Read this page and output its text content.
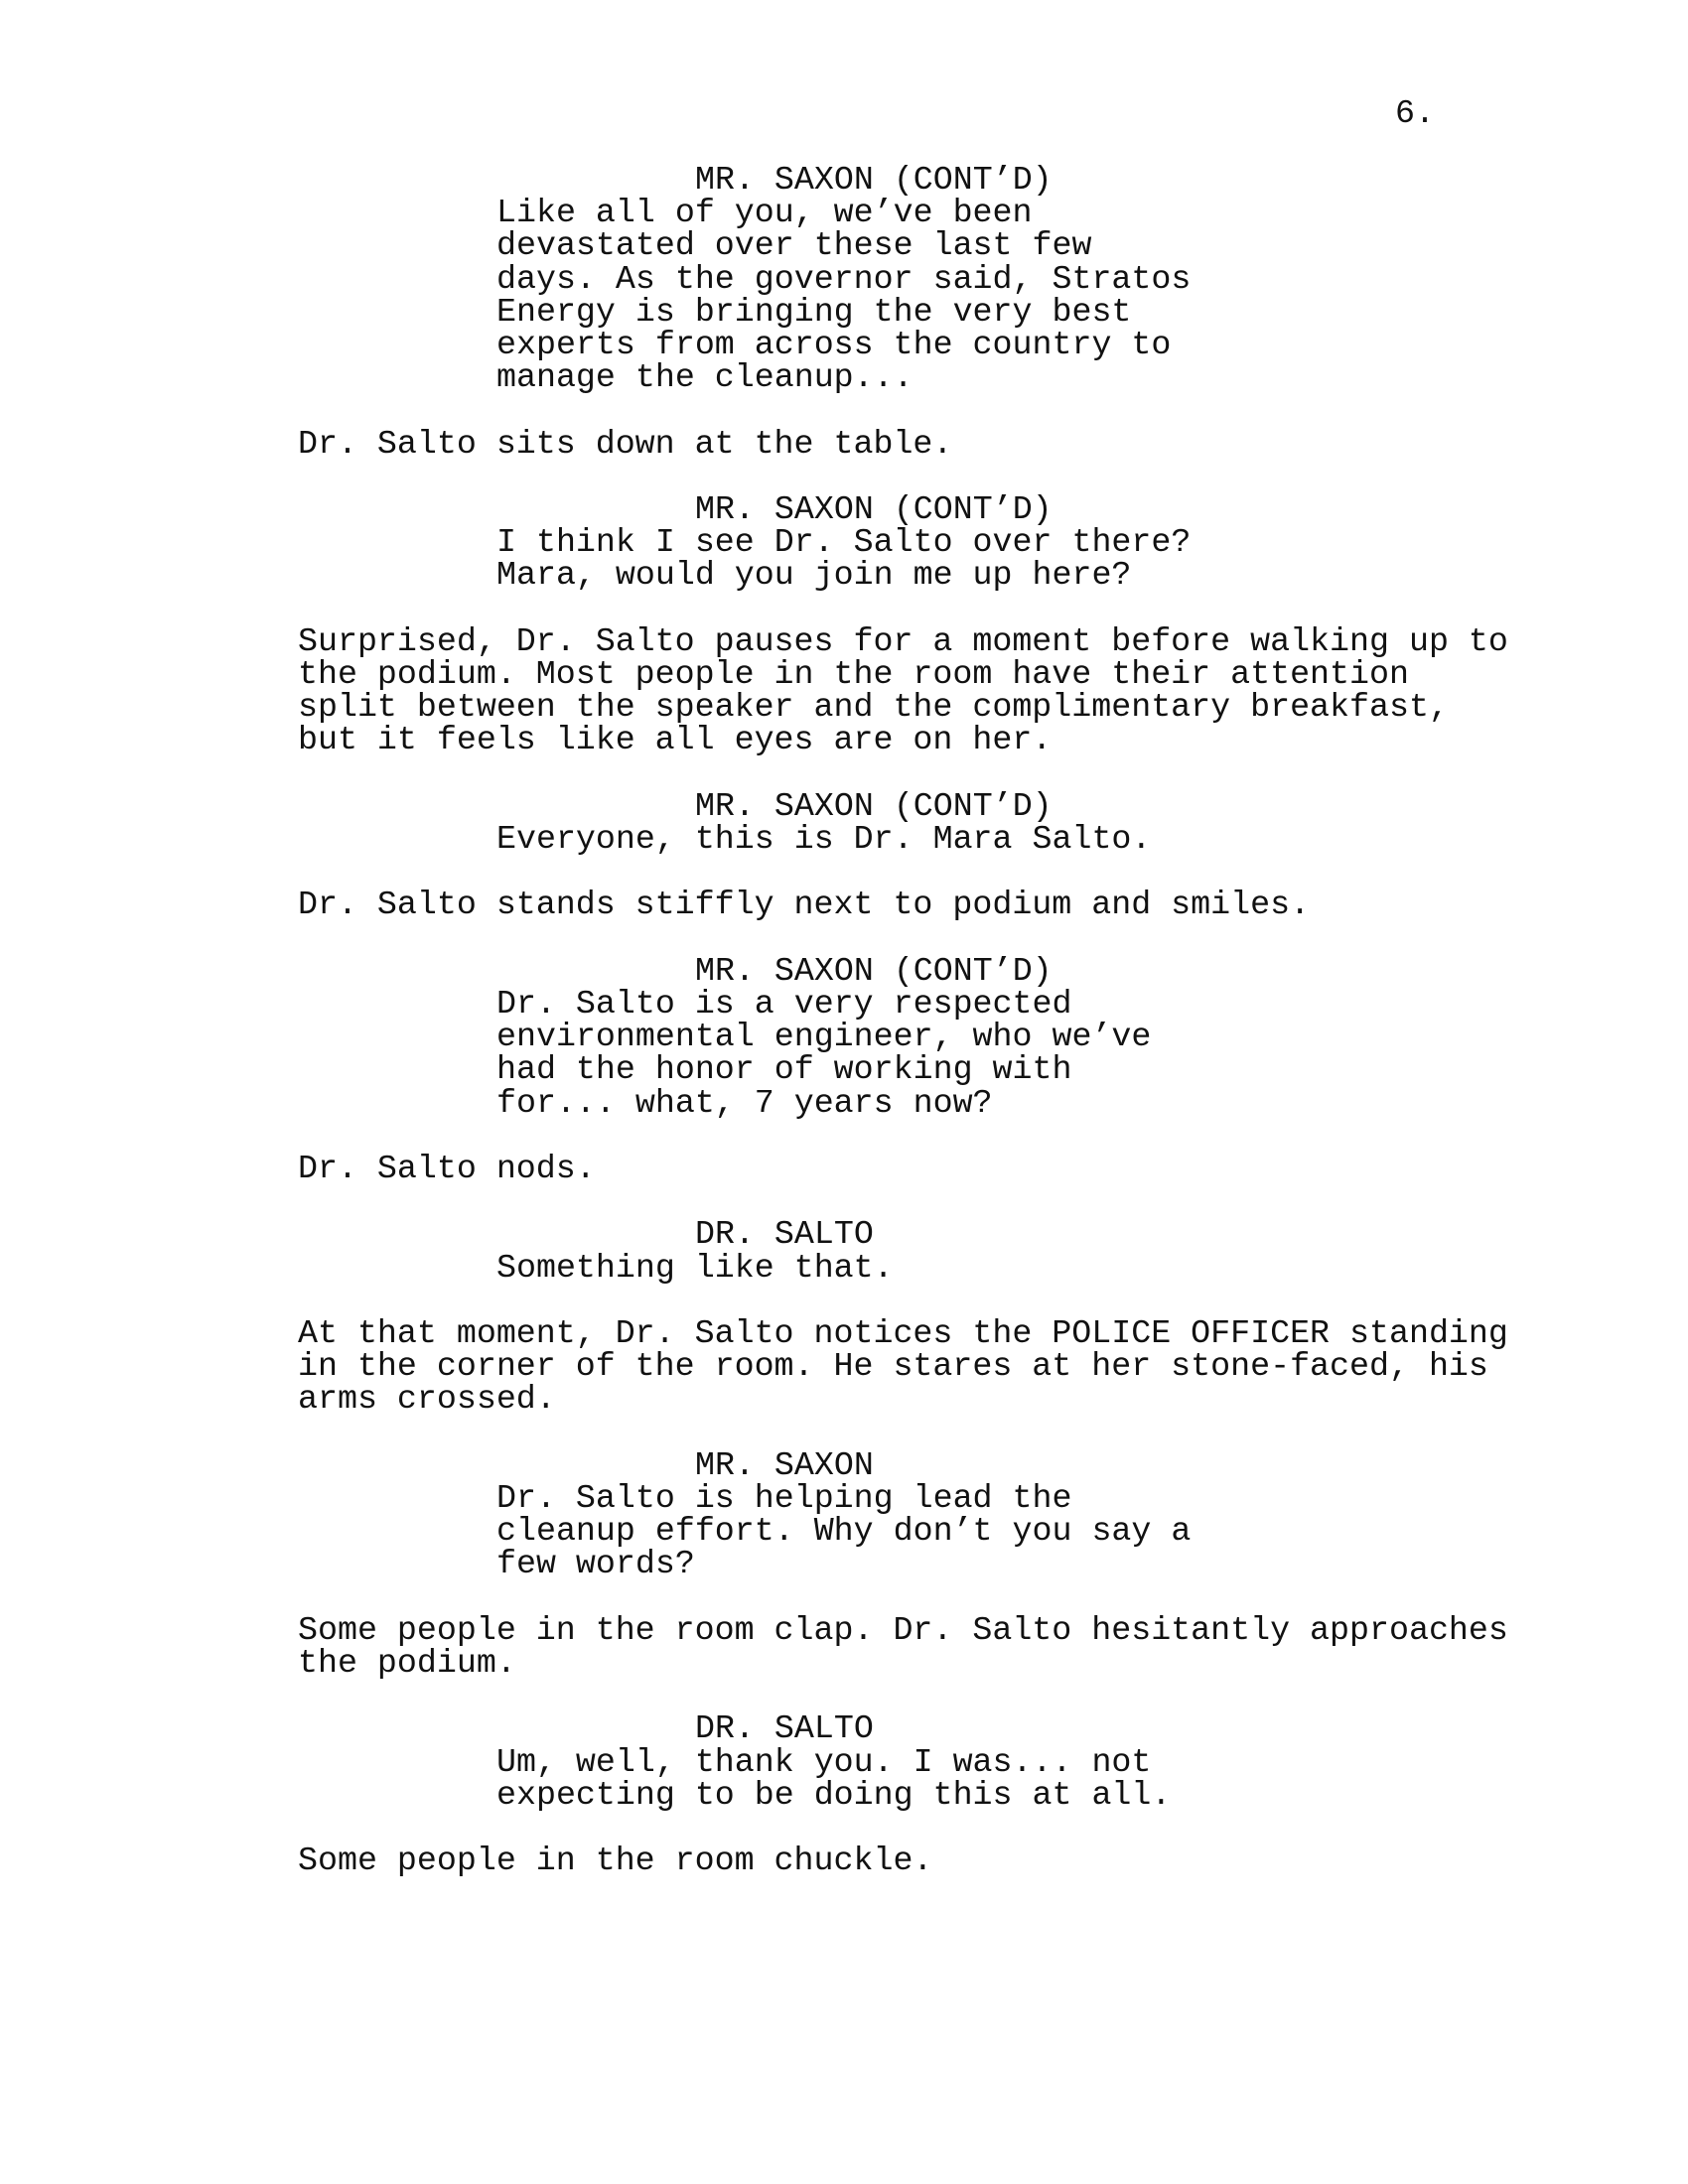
6.

MR. SAXON (CONT’D)

Like all of you, we’ve been

devastated over these last few

days. As the governor said, Stratos

Energy is bringing the very best

experts from across the country to

manage the cleanup...

Dr. Salto sits down at the table.

MR. SAXON (CONT’D)

I think I see Dr. Salto over there?

Mara, would you join me up here?

Surprised, Dr. Salto pauses for a moment before walking up to

the podium. Most people in the room have their attention

split between the speaker and the complimentary breakfast,

but it feels like all eyes are on her.

MR. SAXON (CONT’D)

Everyone, this is Dr. Mara Salto.

Dr. Salto stands stiffly next to podium and smiles.

MR. SAXON (CONT’D)

Dr. Salto is a very respected

environmental engineer, who we’ve

had the honor of working with

for... what, 7 years now?

Dr. Salto nods.

DR. SALTO

Something like that.

At that moment, Dr. Salto notices the POLICE OFFICER standing

in the corner of the room. He stares at her stone-faced, his

arms crossed.

MR. SAXON

Dr. Salto is helping lead the

cleanup effort. Why don’t you say a

few words?

Some people in the room clap. Dr. Salto hesitantly approaches

the podium.

DR. SALTO

Um, well, thank you. I was... not

expecting to be doing this at all.

Some people in the room chuckle.
